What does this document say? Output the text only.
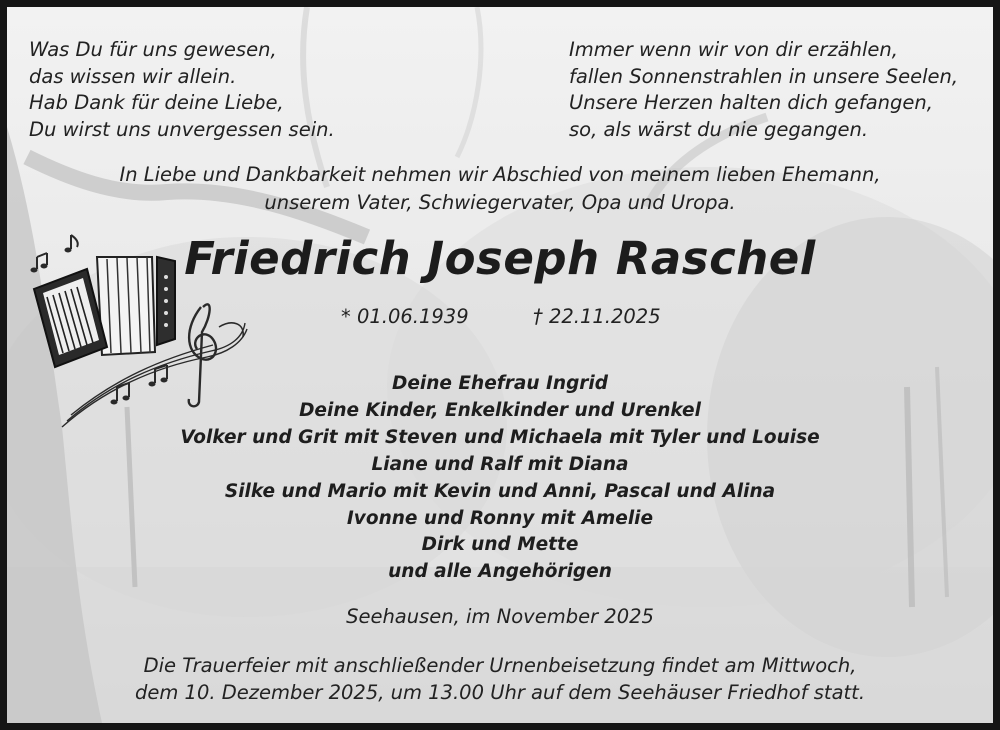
Was Du für uns gewesen,
das wissen wir allein.
Hab Dank für deine Liebe,
Du wirst uns unvergessen sein.
Immer wenn wir von dir erzählen,
fallen Sonnenstrahlen in unsere Seelen,
Unsere Herzen halten dich gefangen,
so, als wärst du nie gegangen.
In Liebe und Dankbarkeit nehmen wir Abschied von meinem lieben Ehemann,
unserem Vater, Schwiegervater, Opa und Uropa.
Friedrich Joseph Raschel
* 01.06.1939	† 22.11.2025
Deine Ehefrau Ingrid
Deine Kinder, Enkelkinder und Urenkel
Volker und Grit mit Steven und Michaela mit Tyler und Louise
Liane und Ralf mit Diana
Silke und Mario mit Kevin und Anni, Pascal und Alina
Ivonne und Ronny mit Amelie
Dirk und Mette
und alle Angehörigen
Seehausen, im November 2025
Die Trauerfeier mit anschließender Urnenbeisetzung findet am Mittwoch,
dem 10. Dezember 2025, um 13.00 Uhr auf dem Seehäuser Friedhof statt.
